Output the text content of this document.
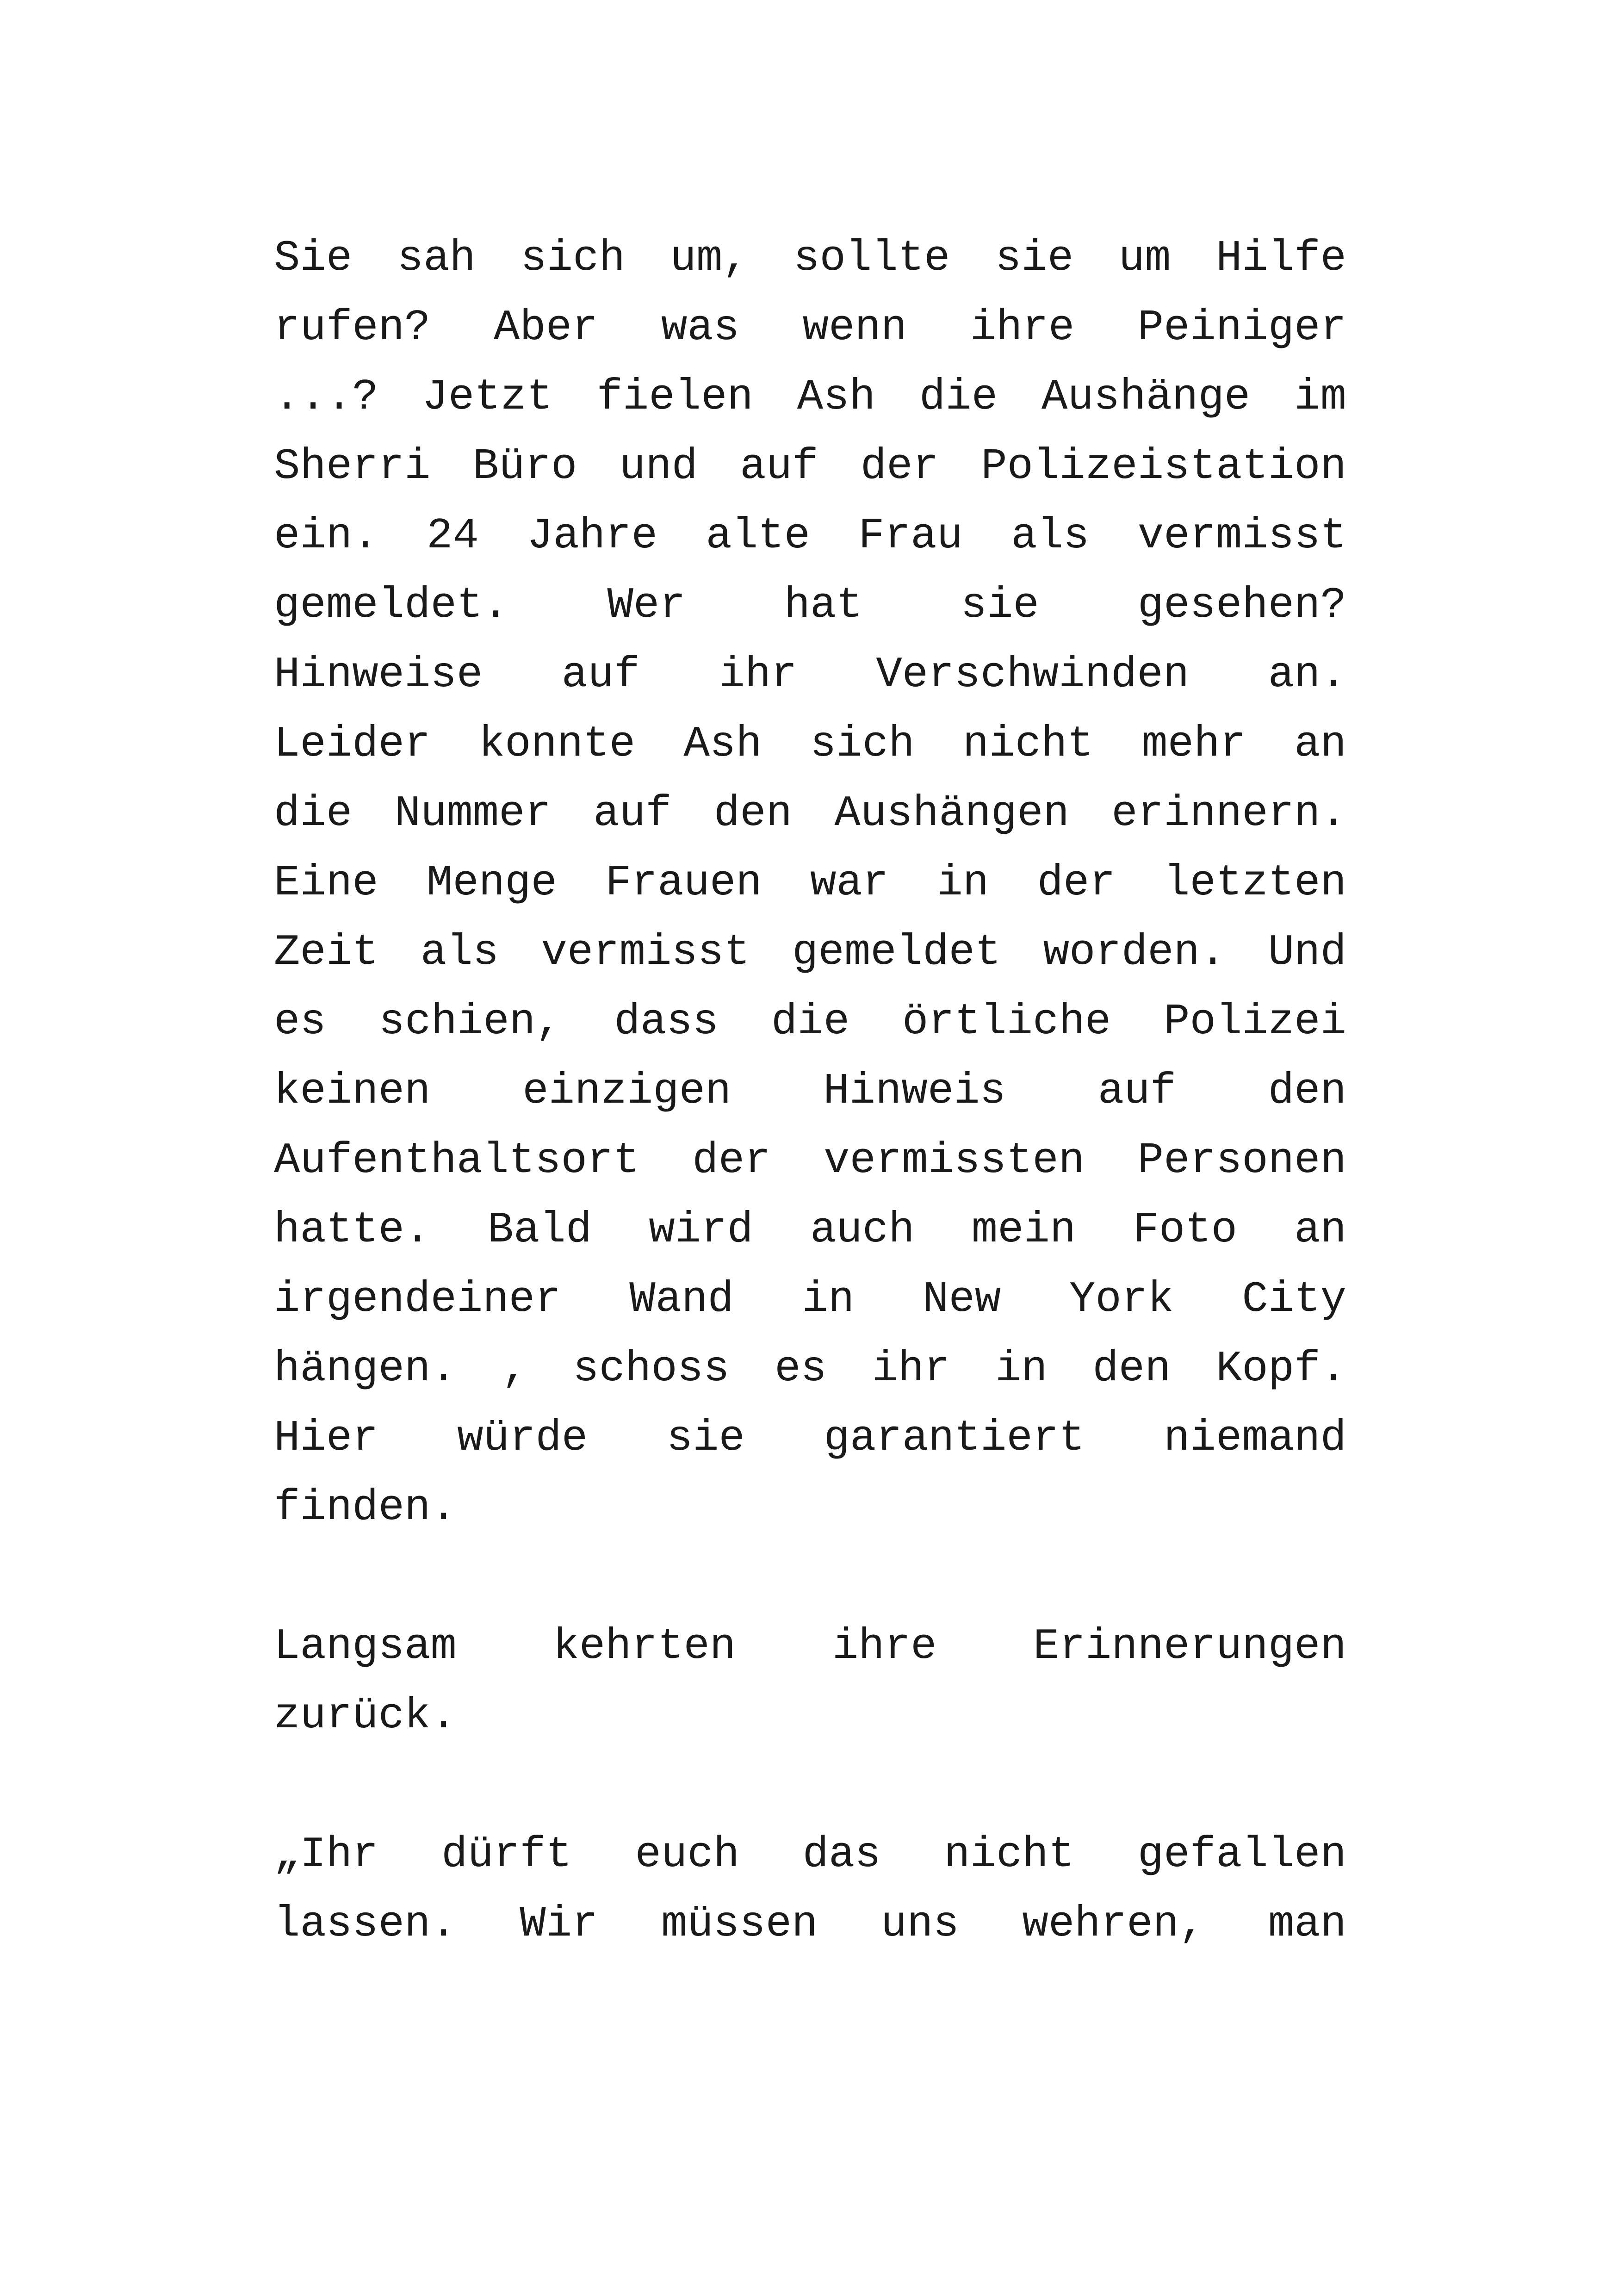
Sie sah sich um, sollte sie um Hilfe
rufen? Aber was wenn ihre Peiniger
...? Jetzt fielen Ash die Aushänge im
Sherri Büro und auf der Polizeistation
ein. 24 Jahre alte Frau als vermisst
gemeldet. Wer hat sie gesehen?
Hinweise auf ihr Verschwinden an.
Leider konnte Ash sich nicht mehr an
die Nummer auf den Aushängen erinnern.
Eine Menge Frauen war in der letzten
Zeit als vermisst gemeldet worden. Und
es schien, dass die örtliche Polizei
keinen einzigen Hinweis auf den
Aufenthaltsort der vermissten Personen
hatte. Bald wird auch mein Foto an
irgendeiner Wand in New York City
hängen. , schoss es ihr in den Kopf.
Hier würde sie garantiert niemand
finden.
Langsam kehrten ihre Erinnerungen
zurück.
„Ihr dürft euch das nicht gefallen
lassen. Wir müssen uns wehren, man
